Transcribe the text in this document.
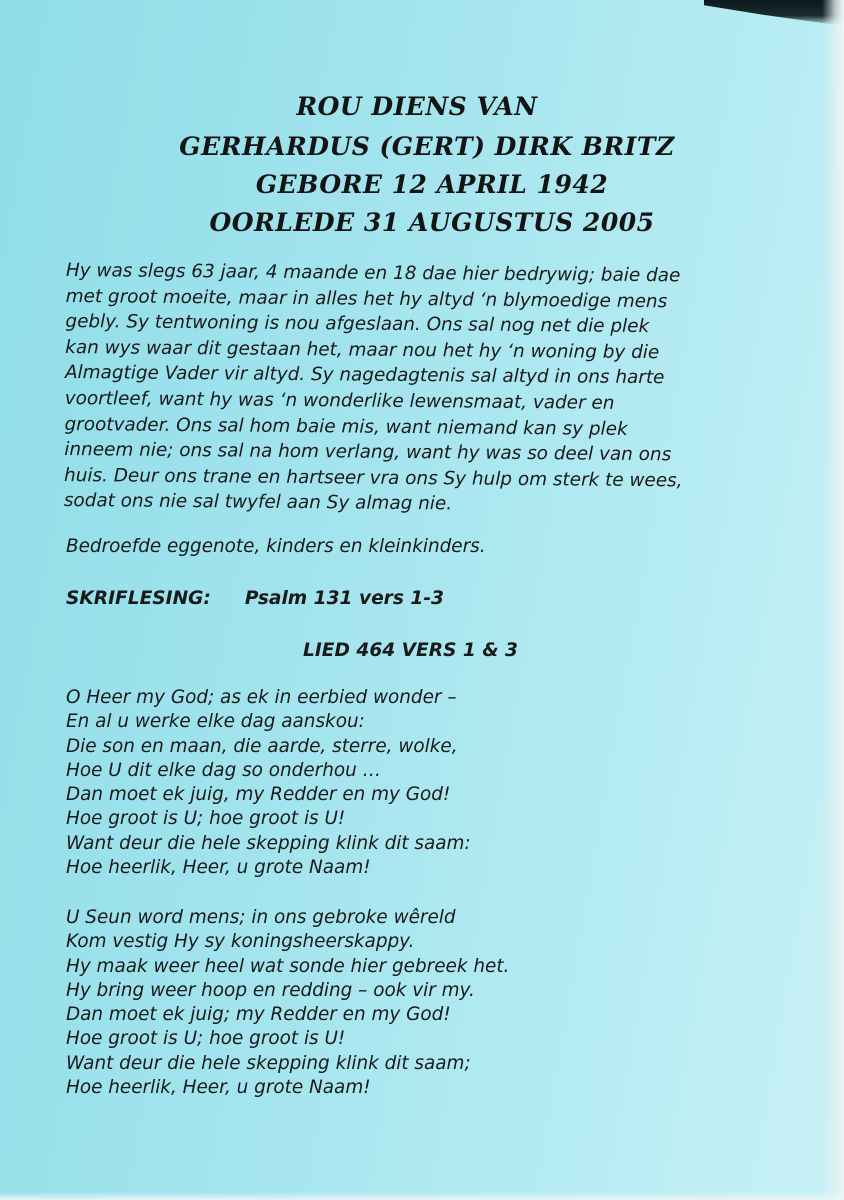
ROU DIENS VAN
GERHARDUS (GERT) DIRK BRITZ
GEBORE 12 APRIL 1942
OORLEDE 31 AUGUSTUS 2005

Hy was slegs 63 jaar, 4 maande en 18 dae hier bedrywig; baie dae
met groot moeite, maar in alles het hy altyd ‘n blymoedige mens
gebly. Sy tentwoning is nou afgeslaan. Ons sal nog net die plek
kan wys waar dit gestaan het, maar nou het hy ‘n woning by die
Almagtige Vader vir altyd. Sy nagedagtenis sal altyd in ons harte
voortleef, want hy was ‘n wonderlike lewensmaat, vader en
grootvader. Ons sal hom baie mis, want niemand kan sy plek
inneem nie; ons sal na hom verlang, want hy was so deel van ons
huis. Deur ons trane en hartseer vra ons Sy hulp om sterk te wees,
sodat ons nie sal twyfel aan Sy almag nie.

Bedroefde eggenote, kinders en kleinkinders.

SKRIFLESING: Psalm 131 vers 1-3

LIED 464 VERS 1 & 3

O Heer my God; as ek in eerbied wonder –
En al u werke elke dag aanskou:
Die son en maan, die aarde, sterre, wolke,
Hoe U dit elke dag so onderhou …
Dan moet ek juig, my Redder en my God!
Hoe groot is U; hoe groot is U!
Want deur die hele skepping klink dit saam:
Hoe heerlik, Heer, u grote Naam!

U Seun word mens; in ons gebroke wêreld
Kom vestig Hy sy koningsheerskappy.
Hy maak weer heel wat sonde hier gebreek het.
Hy bring weer hoop en redding – ook vir my.
Dan moet ek juig; my Redder en my God!
Hoe groot is U; hoe groot is U!
Want deur die hele skepping klink dit saam;
Hoe heerlik, Heer, u grote Naam!
